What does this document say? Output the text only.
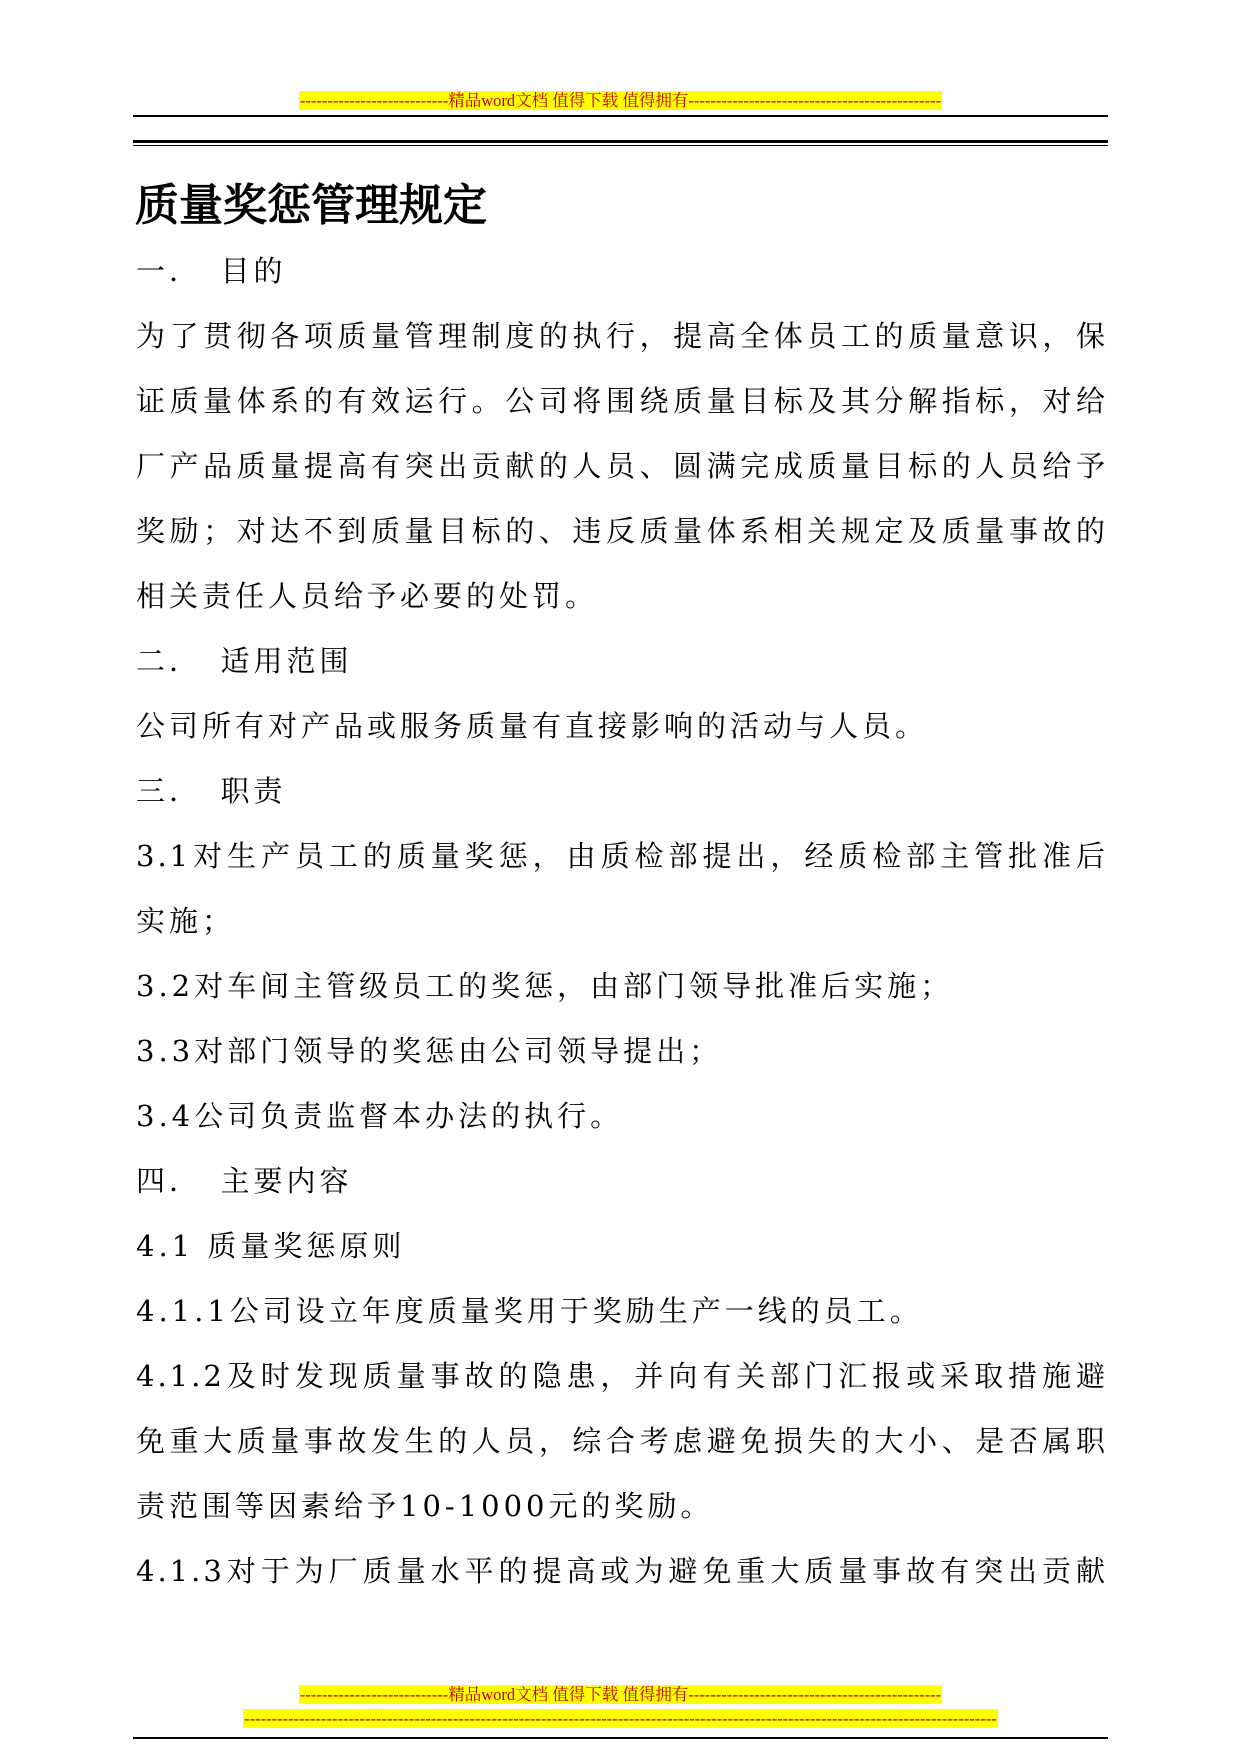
---------------------------精品word文档 值得下载 值得拥有----------------------------------------------
质量奖惩管理规定
一．　目的
为了贯彻各项质量管理制度的执行，提高全体员工的质量意识，保
证质量体系的有效运行。公司将围绕质量目标及其分解指标，对给
厂产品质量提高有突出贡献的人员、圆满完成质量目标的人员给予
奖励；对达不到质量目标的、违反质量体系相关规定及质量事故的
相关责任人员给予必要的处罚。
二．　适用范围
公司所有对产品或服务质量有直接影响的活动与人员。
三．　职责
3.1对生产员工的质量奖惩，由质检部提出，经质检部主管批准后
实施；
3.2对车间主管级员工的奖惩，由部门领导批准后实施；
3.3对部门领导的奖惩由公司领导提出；
3.4公司负责监督本办法的执行。
四．　主要内容
4.1 质量奖惩原则
4.1.1公司设立年度质量奖用于奖励生产一线的员工。
4.1.2及时发现质量事故的隐患，并向有关部门汇报或采取措施避
免重大质量事故发生的人员，综合考虑避免损失的大小、是否属职
责范围等因素给予10-1000元的奖励。
4.1.3对于为厂质量水平的提高或为避免重大质量事故有突出贡献
---------------------------精品word文档 值得下载 值得拥有----------------------------------------------
-----------------------------------------------------------------------------------------------------------------------------------------
